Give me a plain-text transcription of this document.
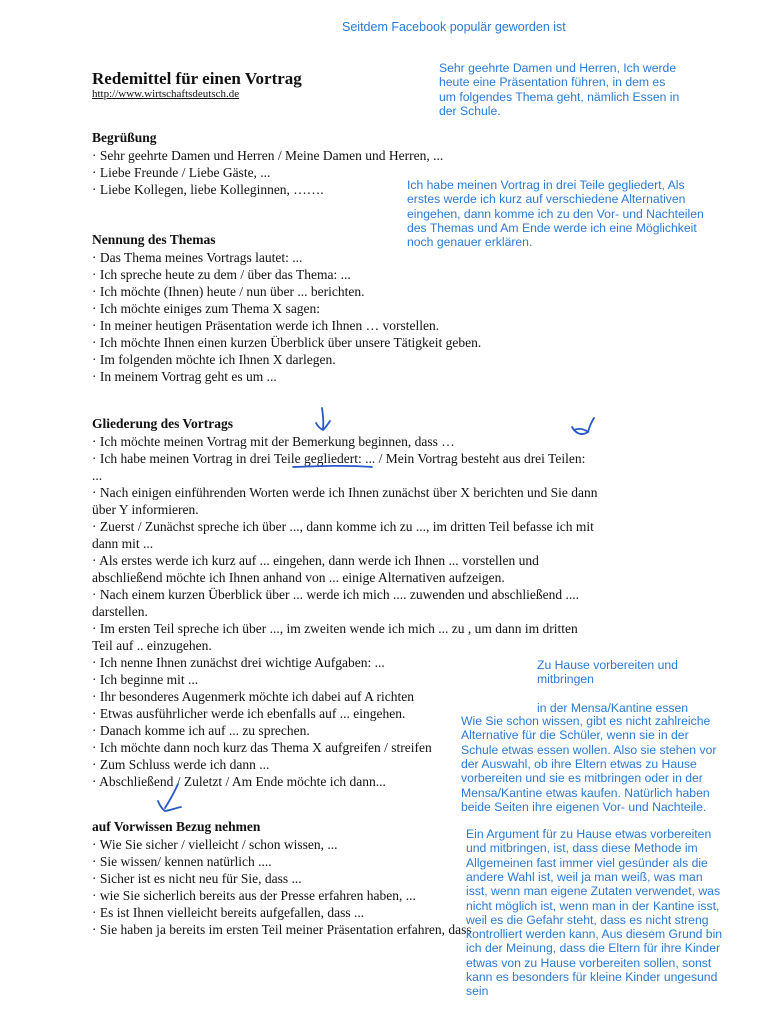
Redemittel für einen Vortrag
http://www.wirtschaftsdeutsch.de
Begrüßung
· Sehr geehrte Damen und Herren / Meine Damen und Herren, ...
· Liebe Freunde / Liebe Gäste, ...
· Liebe Kollegen, liebe Kolleginnen, …….
Nennung des Themas
· Das Thema meines Vortrags lautet: ...
· Ich spreche heute zu dem / über das Thema: ...
· Ich möchte (Ihnen) heute / nun über ... berichten.
· Ich möchte einiges zum Thema X sagen:
· In meiner heutigen Präsentation werde ich Ihnen … vorstellen.
· Ich möchte Ihnen einen kurzen Überblick über unsere Tätigkeit geben.
· Im folgenden möchte ich Ihnen X darlegen.
· In meinem Vortrag geht es um ...
Gliederung des Vortrags
· Ich möchte meinen Vortrag mit der Bemerkung beginnen, dass …
· Ich habe meinen Vortrag in drei Teile gegliedert: ... / Mein Vortrag besteht aus drei Teilen:
...
· Nach einigen einführenden Worten werde ich Ihnen zunächst über X berichten und Sie dann
über Y informieren.
· Zuerst / Zunächst spreche ich über ..., dann komme ich zu ..., im dritten Teil befasse ich mit
dann mit ...
· Als erstes werde ich kurz auf ... eingehen, dann werde ich Ihnen ... vorstellen und
abschließend möchte ich Ihnen anhand von ... einige Alternativen aufzeigen.
· Nach einem kurzen Überblick über ... werde ich mich .... zuwenden und abschließend ....
darstellen.
· Im ersten Teil spreche ich über ..., im zweiten wende ich mich ... zu , um dann im dritten
Teil auf .. einzugehen.
· Ich nenne Ihnen zunächst drei wichtige Aufgaben: ...
· Ich beginne mit ...
· Ihr besonderes Augenmerk möchte ich dabei auf A richten
· Etwas ausführlicher werde ich ebenfalls auf ... eingehen.
· Danach komme ich auf ... zu sprechen.
· Ich möchte dann noch kurz das Thema X aufgreifen / streifen
· Zum Schluss werde ich dann ...
· Abschließend / Zuletzt / Am Ende möchte ich dann...
auf Vorwissen Bezug nehmen
· Wie Sie sicher / vielleicht / schon wissen, ...
· Sie wissen/ kennen natürlich ....
· Sicher ist es nicht neu für Sie, dass ...
· wie Sie sicherlich bereits aus der Presse erfahren haben, ...
· Es ist Ihnen vielleicht bereits aufgefallen, dass ...
· Sie haben ja bereits im ersten Teil meiner Präsentation erfahren, dass
Seitdem Facebook populär geworden ist
Sehr geehrte Damen und Herren, Ich werde
heute eine Präsentation führen, in dem es
um folgendes Thema geht, nämlich Essen in
der Schule.
Ich habe meinen Vortrag in drei Teile gegliedert, Als
erstes werde ich kurz auf verschiedene Alternativen
eingehen, dann komme ich zu den Vor- und Nachteilen
des Themas und Am Ende werde ich eine Möglichkeit
noch genauer erklären.
Zu Hause vorbereiten und
mitbringen
in der Mensa/Kantine essen
Wie Sie schon wissen, gibt es nicht zahlreiche
Alternative für die Schüler, wenn sie in der
Schule etwas essen wollen. Also sie stehen vor
der Auswahl, ob ihre Eltern etwas zu Hause
vorbereiten und sie es mitbringen oder in der
Mensa/Kantine etwas kaufen. Natürlich haben
beide Seiten ihre eigenen Vor- und Nachteile.
Ein Argument für zu Hause etwas vorbereiten
und mitbringen, ist, dass diese Methode im
Allgemeinen fast immer viel gesünder als die
andere Wahl ist, weil ja man weiß, was man
isst, wenn man eigene Zutaten verwendet, was
nicht möglich ist, wenn man in der Kantine isst,
weil es die Gefahr steht, dass es nicht streng
kontrolliert werden kann, Aus diesem Grund bin
ich der Meinung, dass die Eltern für ihre Kinder
etwas von zu Hause vorbereiten sollen, sonst
kann es besonders für kleine Kinder ungesund
sein
